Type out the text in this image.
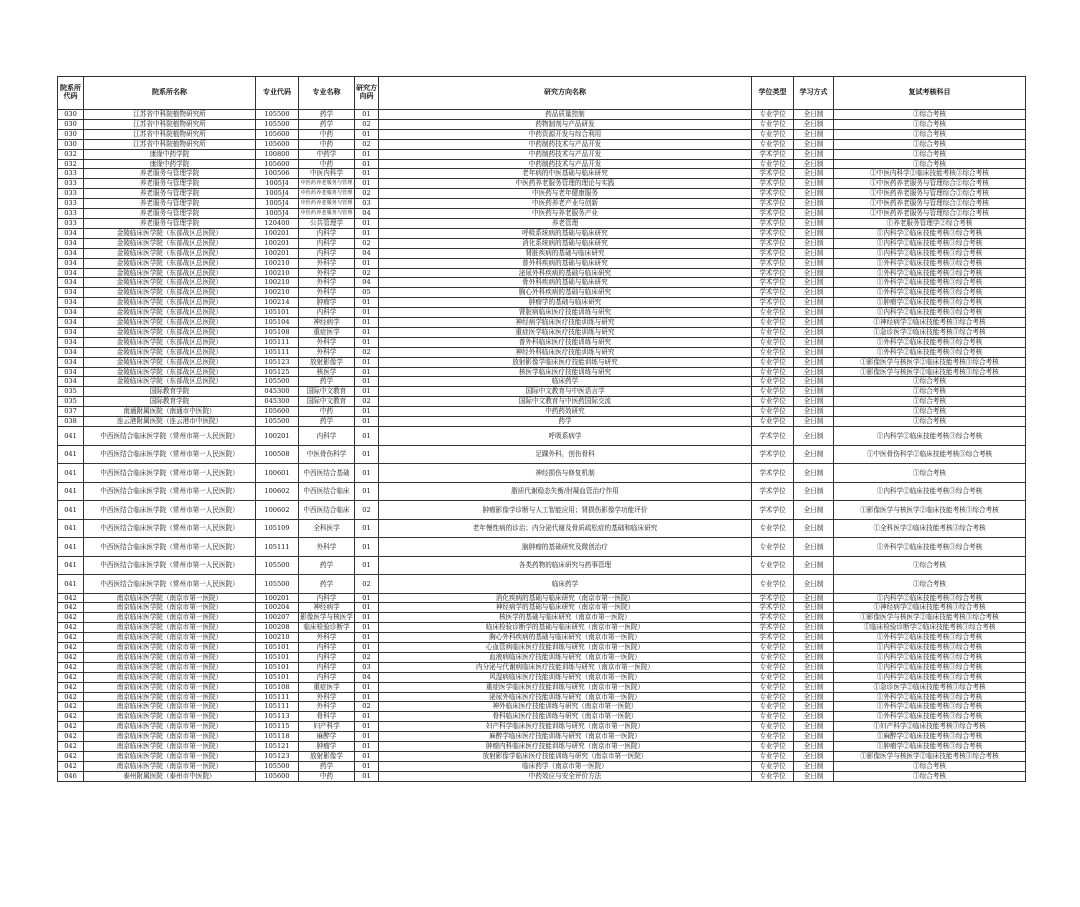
院系所代码	院系所名称	专业代码	专业名称	研究方向码	研究方向名称	学位类型	学习方式	复试考核科目
030	江苏省中科院植物研究所	105500	药学	01	药品质量控制	专业学位	全日制	①综合考核
030	江苏省中科院植物研究所	105500	药学	02	药物制剂与产品研发	专业学位	全日制	①综合考核
030	江苏省中科院植物研究所	105600	中药	01	中药资源开发与综合利用	专业学位	全日制	①综合考核
030	江苏省中科院植物研究所	105600	中药	02	中药制药技术与产品开发	专业学位	全日制	①综合考核
032	康缘中药学院	100800	中药学	01	中药制药技术与产品开发	学术学位	全日制	①综合考核
032	康缘中药学院	105600	中药	01	中药制药技术与产品开发	专业学位	全日制	①综合考核
033	养老服务与管理学院	100506	中医内科学	01	老年病的中医基础与临床研究	学术学位	全日制	①中医内科学②临床技能考核③综合考核
033	养老服务与管理学院	1005J4	中医药养老服务与管理	01	中医药养老服务管理的理论与实践	学术学位	全日制	①中医药养老服务与管理综合②综合考核
033	养老服务与管理学院	1005J4	中医药养老服务与管理	02	中医药与老年健康服务	学术学位	全日制	①中医药养老服务与管理综合②综合考核
033	养老服务与管理学院	1005J4	中医药养老服务与管理	03	中医药养老产业与创新	学术学位	全日制	①中医药养老服务与管理综合②综合考核
033	养老服务与管理学院	1005J4	中医药养老服务与管理	04	中医药与养老服务产业	学术学位	全日制	①中医药养老服务与管理综合②综合考核
033	养老服务与管理学院	120400	公共管理学	01	养老管理	学术学位	全日制	①养老服务管理学②综合考核
034	金陵临床医学院（东部战区总医院）	100201	内科学	01	呼吸系统病的基础与临床研究	学术学位	全日制	①内科学②临床技能考核③综合考核
034	金陵临床医学院（东部战区总医院）	100201	内科学	02	消化系统病的基础与临床研究	学术学位	全日制	①内科学②临床技能考核③综合考核
034	金陵临床医学院（东部战区总医院）	100201	内科学	04	肾脏疾病的基础与临床研究	学术学位	全日制	①内科学②临床技能考核③综合考核
034	金陵临床医学院（东部战区总医院）	100210	外科学	01	普外科疾病的基础与临床研究	学术学位	全日制	①外科学②临床技能考核③综合考核
034	金陵临床医学院（东部战区总医院）	100210	外科学	02	泌尿外科疾病的基础与临床研究	学术学位	全日制	①外科学②临床技能考核③综合考核
034	金陵临床医学院（东部战区总医院）	100210	外科学	04	骨外科疾病的基础与临床研究	学术学位	全日制	①外科学②临床技能考核③综合考核
034	金陵临床医学院（东部战区总医院）	100210	外科学	05	胸心外科疾病的基础与临床研究	学术学位	全日制	①外科学②临床技能考核③综合考核
034	金陵临床医学院（东部战区总医院）	100214	肿瘤学	01	肿瘤学的基础与临床研究	学术学位	全日制	①肿瘤学②临床技能考核③综合考核
034	金陵临床医学院（东部战区总医院）	105101	内科学	01	肾脏病临床医疗技能训练与研究	专业学位	全日制	①内科学②临床技能考核③综合考核
034	金陵临床医学院（东部战区总医院）	105104	神经病学	01	神经病学临床医疗技能训练与研究	专业学位	全日制	①神经病学②临床技能考核③综合考核
034	金陵临床医学院（东部战区总医院）	105108	重症医学	01	重症医学临床医疗技能训练与研究	专业学位	全日制	①急诊医学②临床技能考核③综合考核
034	金陵临床医学院（东部战区总医院）	105111	外科学	01	普外科临床医疗技能训练与研究	专业学位	全日制	①外科学②临床技能考核③综合考核
034	金陵临床医学院（东部战区总医院）	105111	外科学	02	神经外科临床医疗技能训练与研究	专业学位	全日制	①外科学②临床技能考核③综合考核
034	金陵临床医学院（东部战区总医院）	105123	放射影像学	01	放射影像学临床医疗技能训练与研究	专业学位	全日制	①影像医学与核医学②临床技能考核③综合考核
034	金陵临床医学院（东部战区总医院）	105125	核医学	01	核医学临床医疗技能训练与研究	专业学位	全日制	①影像医学与核医学②临床技能考核③综合考核
034	金陵临床医学院（东部战区总医院）	105500	药学	01	临床药学	专业学位	全日制	①综合考核
035	国际教育学院	045300	国际中文教育	01	国际中文教育与中医语言学	专业学位	全日制	①综合考核
035	国际教育学院	045300	国际中文教育	02	国际中文教育与中医药国际交流	专业学位	全日制	①综合考核
037	南通附属医院（南通市中医院）	105600	中药	01	中药药效研究	专业学位	全日制	①综合考核
038	连云港附属医院（连云港市中医院）	105500	药学	01	药学	专业学位	全日制	①综合考核
041	中西医结合临床医学院（常州市第一人民医院）	100201	内科学	01	呼吸系病学	学术学位	全日制	①内科学②临床技能考核③综合考核
041	中西医结合临床医学院（常州市第一人民医院）	100508	中医骨伤科学	01	足踝外科，创伤骨科	学术学位	全日制	①中医骨伤科学②临床技能考核③综合考核
041	中西医结合临床医学院（常州市第一人民医院）	100601	中西医结合基础	01	神经损伤与修复机制	学术学位	全日制	①综合考核
041	中西医结合临床医学院（常州市第一人民医院）	100602	中西医结合临床	01	脂质代谢稳态失衡/肘凝血管治疗作用	学术学位	全日制	①内科学②临床技能考核③综合考核
041	中西医结合临床医学院（常州市第一人民医院）	100602	中西医结合临床	02	肿瘤影像学诊断与人工智能应用；肾损伤影像学功能评价	学术学位	全日制	①影像医学与核医学②临床技能考核③综合考核
041	中西医结合临床医学院（常州市第一人民医院）	105109	全科医学	01	老年慢性病的诊治；内分泌代谢及骨质疏松症的基础和临床研究	专业学位	全日制	①全科医学②临床技能考核③综合考核
041	中西医结合临床医学院（常州市第一人民医院）	105111	外科学	01	脑肿瘤的基础研究及微创治疗	专业学位	全日制	①外科学②临床技能考核③综合考核
041	中西医结合临床医学院（常州市第一人民医院）	105500	药学	01	各类药物的临床研究与药事管理	专业学位	全日制	①综合考核
041	中西医结合临床医学院（常州市第一人民医院）	105500	药学	02	临床药学	专业学位	全日制	①综合考核
042	南京临床医学院（南京市第一医院）	100201	内科学	01	消化疾病的基础与临床研究（南京市第一医院）	学术学位	全日制	①内科学②临床技能考核③综合考核
042	南京临床医学院（南京市第一医院）	100204	神经病学	01	神经病学的基础与临床研究（南京市第一医院）	学术学位	全日制	①神经病学②临床技能考核③综合考核
042	南京临床医学院（南京市第一医院）	100207	影像医学与核医学	01	核医学的基础与临床研究（南京市第一医院）	学术学位	全日制	①影像医学与核医学②临床技能考核③综合考核
042	南京临床医学院（南京市第一医院）	100208	临床检验诊断学	01	临床检验诊断学的基础与临床研究（南京市第一医院）	学术学位	全日制	①临床检验诊断学②临床技能考核③综合考核
042	南京临床医学院（南京市第一医院）	100210	外科学	01	胸心外科疾病的基础与临床研究（南京市第一医院）	学术学位	全日制	①外科学②临床技能考核③综合考核
042	南京临床医学院（南京市第一医院）	105101	内科学	01	心血管病临床医疗技能训练与研究（南京市第一医院）	专业学位	全日制	①内科学②临床技能考核③综合考核
042	南京临床医学院（南京市第一医院）	105101	内科学	02	血液病临床医疗技能训练与研究（南京市第一医院）	专业学位	全日制	①内科学②临床技能考核③综合考核
042	南京临床医学院（南京市第一医院）	105101	内科学	03	内分泌与代谢病临床医疗技能训练与研究（南京市第一医院）	专业学位	全日制	①内科学②临床技能考核③综合考核
042	南京临床医学院（南京市第一医院）	105101	内科学	04	风湿病临床医疗技能训练与研究（南京市第一医院）	专业学位	全日制	①内科学②临床技能考核③综合考核
042	南京临床医学院（南京市第一医院）	105108	重症医学	01	重症医学临床医疗技能训练与研究（南京市第一医院）	专业学位	全日制	①急诊医学②临床技能考核③综合考核
042	南京临床医学院（南京市第一医院）	105111	外科学	01	泌尿外临床医疗技能训练与研究（南京市第一医院）	专业学位	全日制	①外科学②临床技能考核③综合考核
042	南京临床医学院（南京市第一医院）	105111	外科学	02	神外临床医疗技能训练与研究（南京市第一医院）	专业学位	全日制	①外科学②临床技能考核③综合考核
042	南京临床医学院（南京市第一医院）	105113	骨科学	01	骨科临床医疗技能训练与研究（南京市第一医院）	专业学位	全日制	①外科学②临床技能考核③综合考核
042	南京临床医学院（南京市第一医院）	105115	妇产科学	01	妇产科学临床医疗技能训练与研究（南京市第一医院）	专业学位	全日制	①妇产科学②临床技能考核③综合考核
042	南京临床医学院（南京市第一医院）	105118	麻醉学	01	麻醉学临床医疗技能训练与研究（南京市第一医院）	专业学位	全日制	①麻醉学②临床技能考核③综合考核
042	南京临床医学院（南京市第一医院）	105121	肿瘤学	01	肿瘤内科临床医疗技能训练与研究（南京市第一医院）	专业学位	全日制	①肿瘤学②临床技能考核③综合考核
042	南京临床医学院（南京市第一医院）	105123	放射影像学	01	放射影像学临床医疗技能训练与研究（南京市第一医院）	专业学位	全日制	①影像医学与核医学②临床技能考核③综合考核
042	南京临床医学院（南京市第一医院）	105500	药学	01	临床药学（南京市第一医院）	专业学位	全日制	①综合考核
046	泰州附属医院（泰州市中医院）	105600	中药	01	中药效应与安全评价方法	专业学位	全日制	①综合考核
